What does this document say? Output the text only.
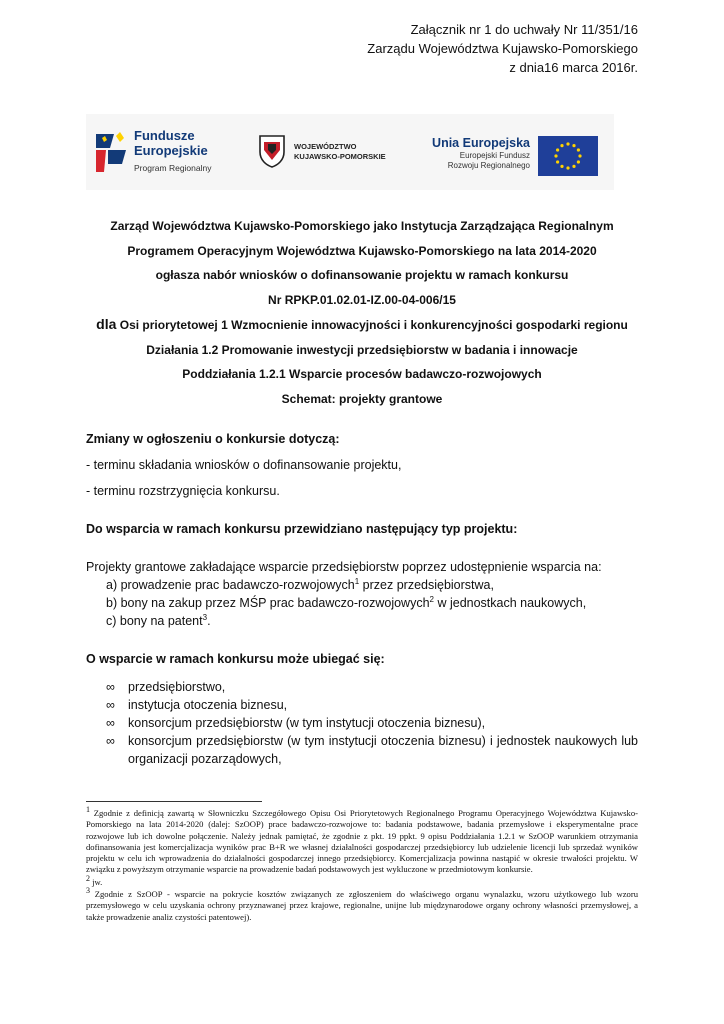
Załącznik nr 1 do uchwały Nr 11/351/16
Zarządu Województwa Kujawsko-Pomorskiego
z dnia16 marca 2016r.
Fundusze
Europejskie
Program Regionalny
WOJEWÓDZTWO
KUJAWSKO-POMORSKIE
Unia Europejska
Europejski Fundusz
Rozwoju Regionalnego
Zarząd Województwa Kujawsko-Pomorskiego jako Instytucja Zarządzająca Regionalnym
Programem Operacyjnym Województwa Kujawsko-Pomorskiego na lata 2014-2020
ogłasza nabór wniosków o dofinansowanie projektu w ramach konkursu
Nr RPKP.01.02.01-IZ.00-04-006/15
dla Osi priorytetowej 1 Wzmocnienie innowacyjności i konkurencyjności gospodarki regionu
Działania 1.2 Promowanie inwestycji przedsiębiorstw w badania i innowacje
Poddziałania 1.2.1 Wsparcie procesów badawczo-rozwojowych
Schemat: projekty grantowe
Zmiany w ogłoszeniu o konkursie dotyczą:
- terminu składania wniosków o dofinansowanie projektu,
- terminu rozstrzygnięcia konkursu.
Do wsparcia w ramach konkursu przewidziano następujący typ projektu:
Projekty grantowe zakładające wsparcie przedsiębiorstw poprzez udostępnienie wsparcia na:
a) prowadzenie prac badawczo-rozwojowych$^1$ przez przedsiębiorstwa,
b) bony na zakup przez MŚP prac badawczo-rozwojowych$^2$ w jednostkach naukowych,
c) bony na patent$^3$.
O wsparcie w ramach konkursu może ubiegać się:
∞ przedsiębiorstwo,
∞ instytucja otoczenia biznesu,
∞ konsorcjum przedsiębiorstw (w tym instytucji otoczenia biznesu),
∞ konsorcjum przedsiębiorstw (w tym instytucji otoczenia biznesu) i jednostek naukowych lub organizacji pozarządowych,

$^1$ Zgodnie z definicją zawartą w Słowniczku Szczegółowego Opisu Osi Priorytetowych Regionalnego Programu Operacyjnego Województwa Kujawsko-Pomorskiego na lata 2014-2020 (dalej: SzOOP) prace badawczo-rozwojowe to: badania podstawowe, badania przemysłowe i eksperymentalne prace rozwojowe lub ich dowolne połączenie. Należy jednak pamiętać, że zgodnie z pkt. 19 ppkt. 9 opisu Poddziałania 1.2.1 w SzOOP warunkiem otrzymania dofinansowania jest komercjalizacja wyników prac B+R we własnej działalności gospodarczej przedsiębiorcy lub udzielenie licencji lub sprzedaż wyników projektu w celu ich wprowadzenia do działalności gospodarczej innego przedsiębiorcy. Komercjalizacja powinna nastąpić w okresie trwałości projektu. W związku z powyższym otrzymanie wsparcie na prowadzenie badań podstawowych jest wykluczone w przedmiotowym konkursie.

$^2$ jw.

$^3$ Zgodnie z SzOOP - wsparcie na pokrycie kosztów związanych ze zgłoszeniem do właściwego organu wynalazku, wzoru użytkowego lub wzoru przemysłowego w celu uzyskania ochrony przyznawanej przez krajowe, regionalne, unijne lub międzynarodowe organy ochrony własności przemysłowej, a także prowadzenie analiz czystości patentowej).
